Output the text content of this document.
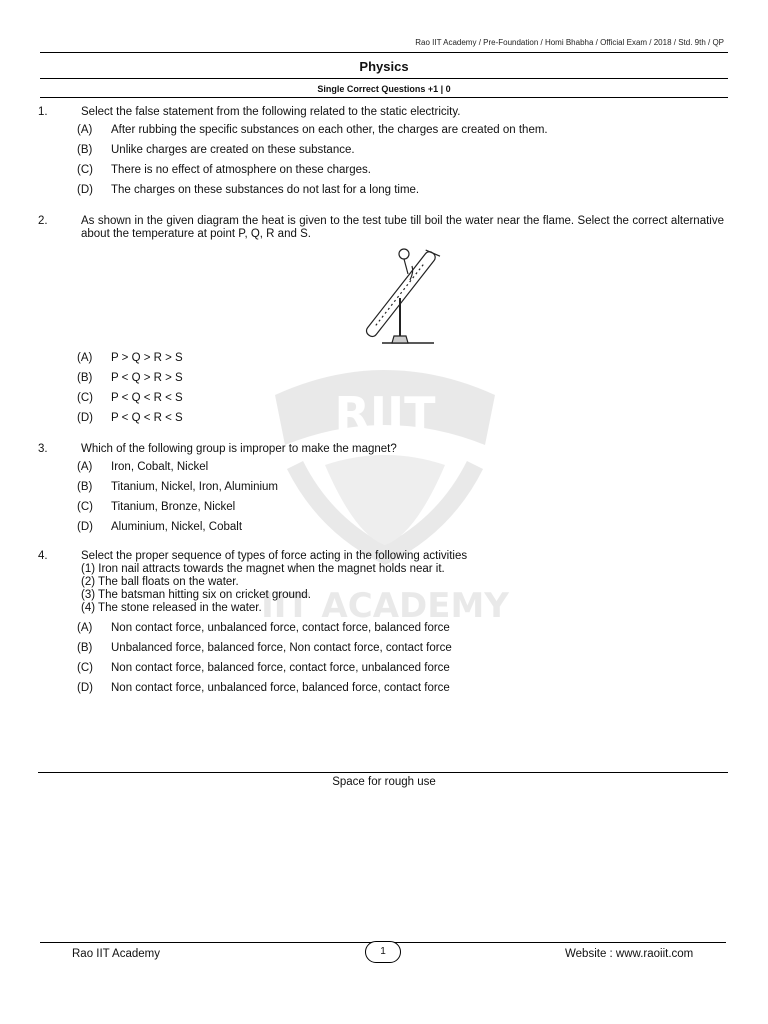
RIIT
IIT ACADEMY
Rao IIT Academy / Pre-Foundation / Homi Bhabha / Official Exam / 2018 / Std. 9th / QP
Physics
Single Correct Questions +1 | 0
1.	Select the false statement from the following related to the static electricity.
(A) After rubbing the specific substances on each other, the charges are created on them.
(B) Unlike charges are created on these substance.
(C) There is no effect of atmosphere on these charges.
(D) The charges on these substances do not last for a long time.
2.	As shown in the given diagram the heat is given to the test tube till boil the water near the flame. Select the correct alternative about the temperature at point P, Q, R and S.
(A) P > Q > R > S
(B) P < Q > R > S
(C) P < Q < R < S
(D) P < Q < R < S
3.	Which of the following group is improper to make the magnet?
(A) Iron, Cobalt, Nickel
(B) Titanium, Nickel, Iron, Aluminium
(C) Titanium, Bronze, Nickel
(D) Aluminium, Nickel, Cobalt
4.	Select the proper sequence of types of force acting in the following activities
(1) Iron nail attracts towards the magnet when the magnet holds near it.
(2) The ball floats on the water.
(3) The batsman hitting six on cricket ground.
(4) The stone released in the water.
(A) Non contact force, unbalanced force, contact force, balanced force
(B) Unbalanced force, balanced force, Non contact force, contact force
(C) Non contact force, balanced force, contact force, unbalanced force
(D) Non contact force, unbalanced force, balanced force, contact force
Space for rough use
Rao IIT Academy	1	Website : www.raoiit.com
